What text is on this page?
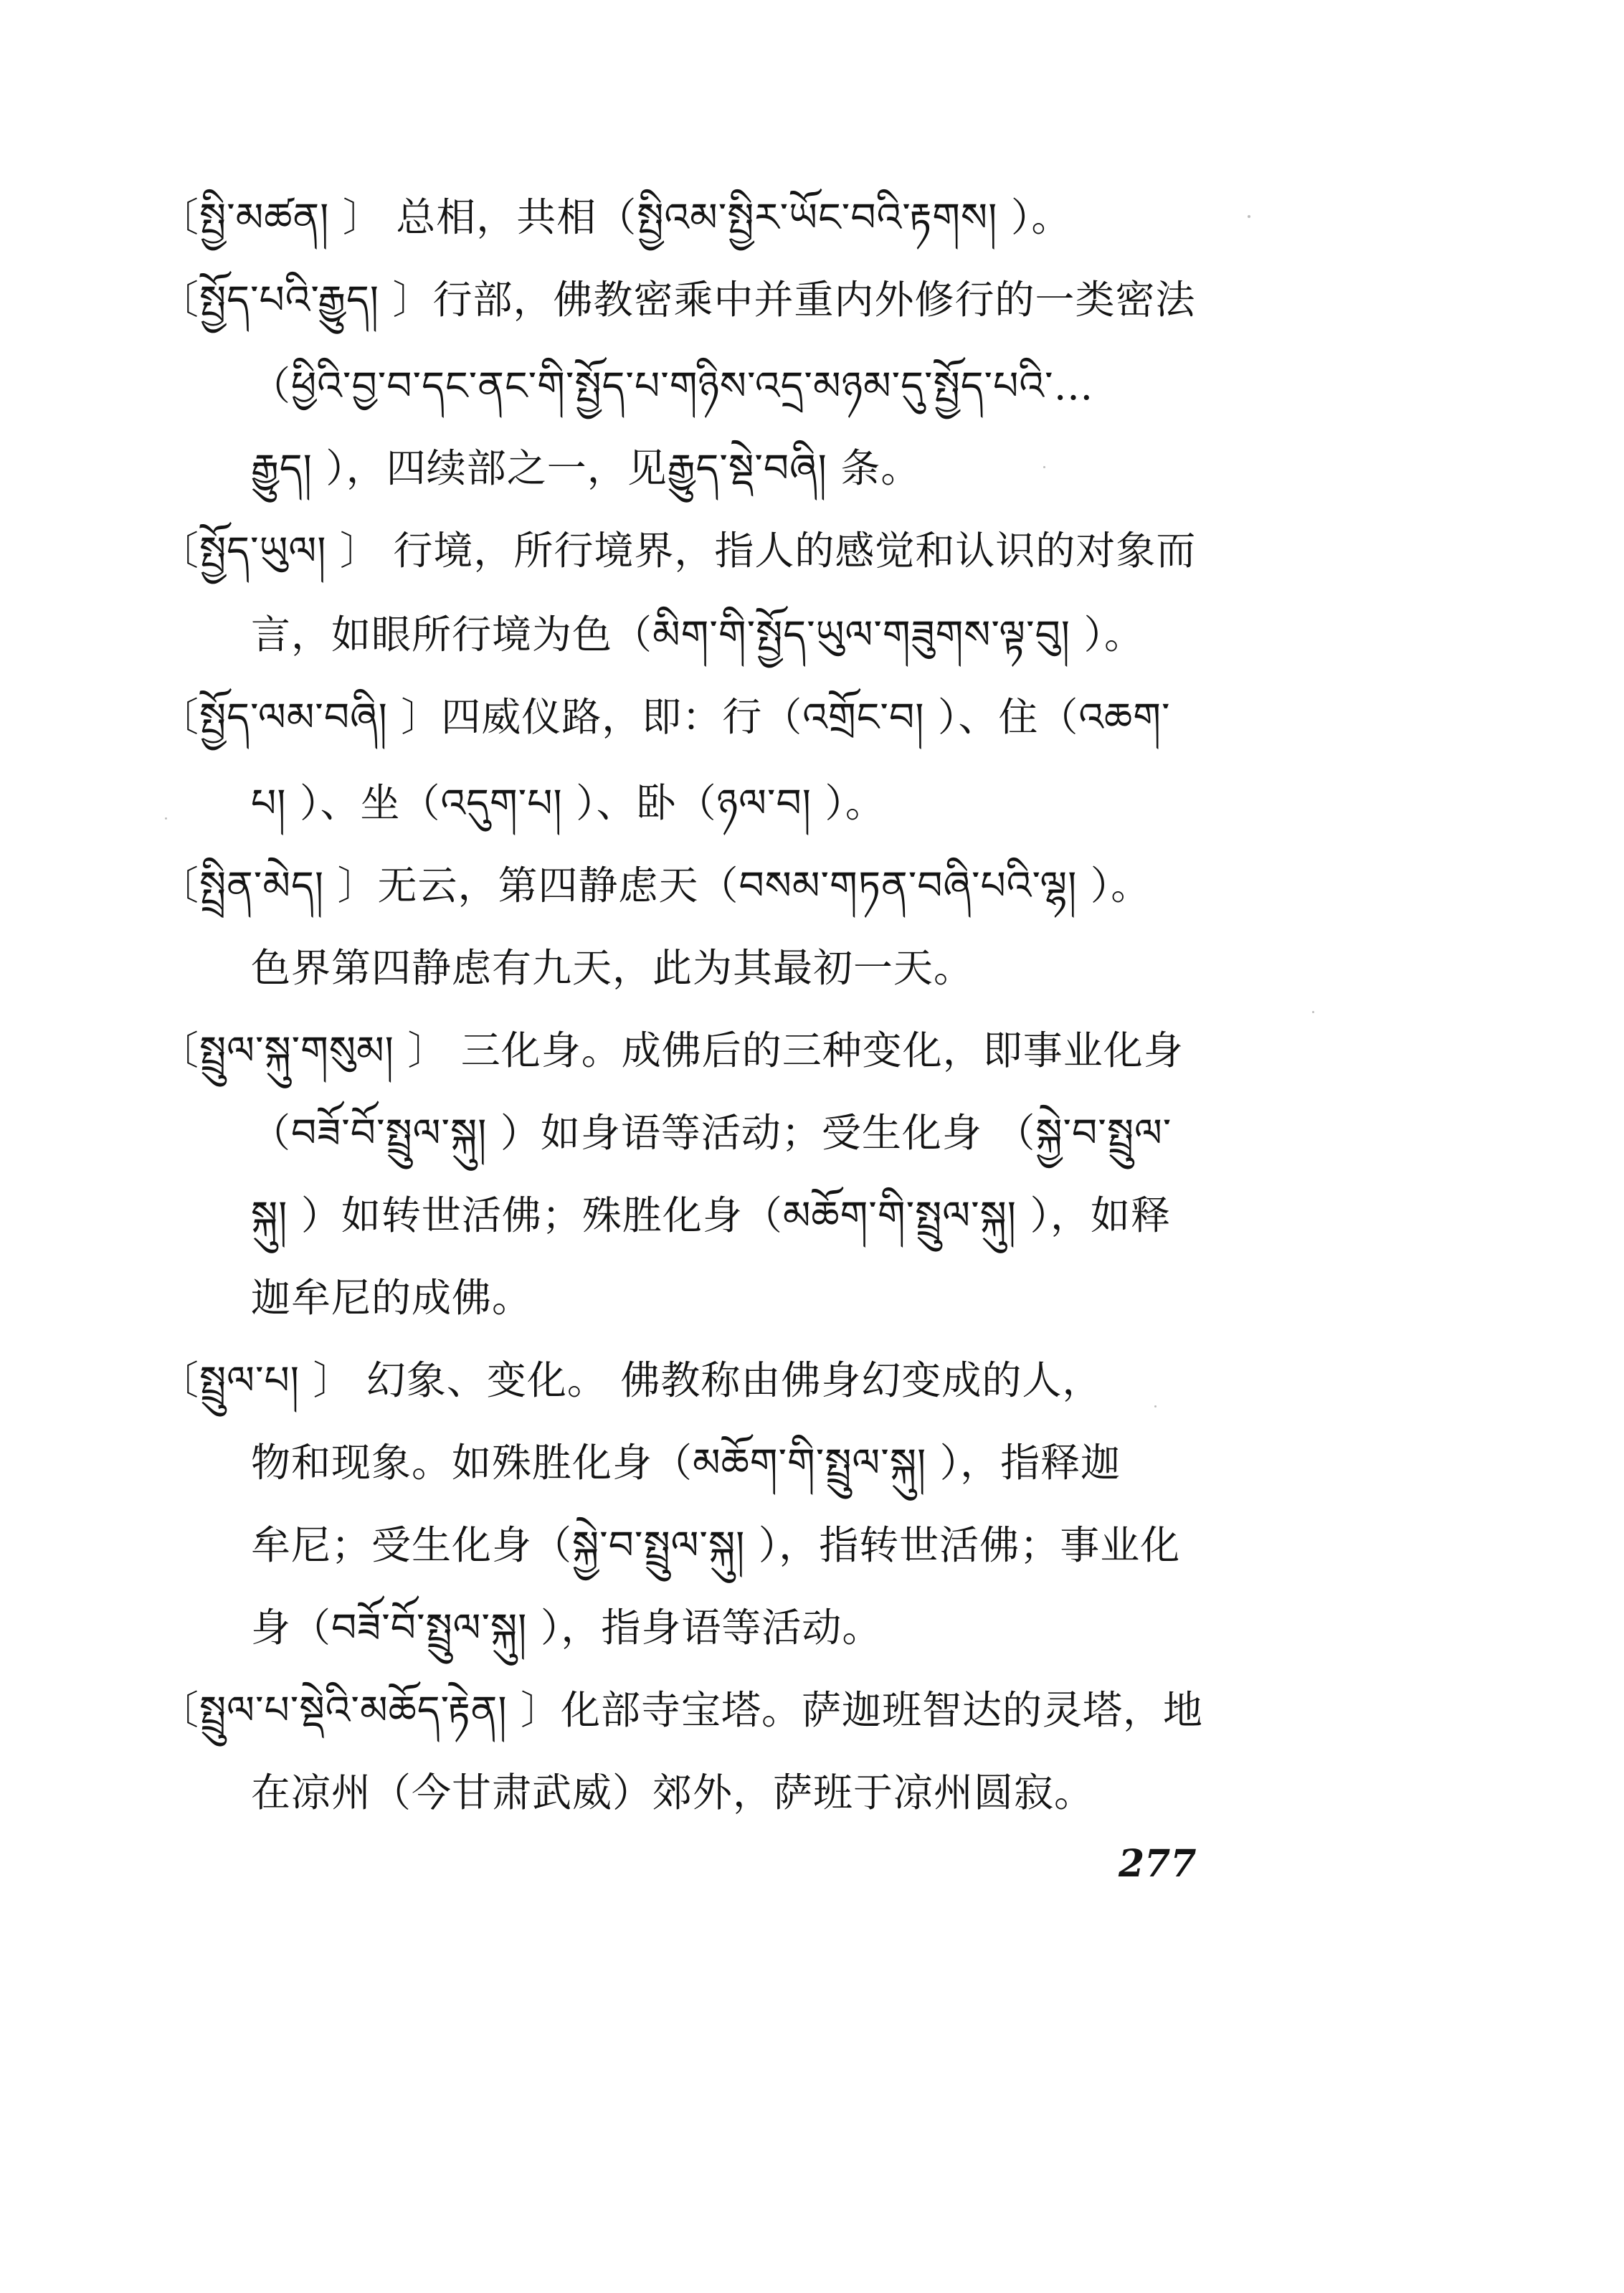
〔སྤྱི་མཚན། 〕 总相，共相（སྤྱིའམ་སྤྱིར་ཡོང་བའི་རྟགས། ）。
〔སྤྱོད་པའི་རྒྱུད། 〕行部，佛教密乘中并重内外修行的一类密法
（ཕྱིའི་བྱ་བ་དང་ནང་གི་སྤྱོད་པ་གཉིས་འདྲ་མཉམ་དུ་སྤྱོད་པའི་…
རྒྱུད། ），四续部之一，见རྒྱུད་སྡེ་བཞི། 条。
〔སྤྱོད་ཡུལ། 〕 行境，所行境界，指人的感觉和认识的对象而
言，如眼所行境为色（མིག་གི་སྤྱོད་ཡུལ་གཟུགས་ལྟ་བུ། ）。
〔སྤྱོད་ལམ་བཞི། 〕四威仪路，即：行（འགྲོང་བ། ）、住（འཆག་
པ། ）、坐（འདུག་པ། ）、卧（ཉལ་བ། ）。
〔སྤྲིན་མེད། 〕无云，第四静虑天（བསམ་གཏན་བཞི་པའི་ལྷ། ）。
色界第四静虑有九天，此为其最初一天。
〔སྤྲུལ་སྐུ་གསུམ། 〕 三化身。成佛后的三种变化，即事业化身
（བཟོ་བོ་སྤྲུལ་སྐུ། ）如身语等活动；受生化身 （སྐྱེ་བ་སྤྲུལ་
སྐུ། ）如转世活佛；殊胜化身（མཆོག་གི་སྤྲུལ་སྐུ། ），如释
迦牟尼的成佛。
〔སྤྲུལ་པ། 〕 幻象、变化。 佛教称由佛身幻变成的人，
物和现象。如殊胜化身（མཆོག་གི་སྤྲུལ་སྐུ། ），指释迦
牟尼；受生化身（སྐྱེ་བ་སྤྲུལ་སྐུ། ），指转世活佛；事业化
身（བཟོ་བོ་སྤྲུལ་སྐུ། ），指身语等活动。
〔སྤྲུལ་པ་སྡེའི་མཆོད་རྟེན། 〕化部寺宝塔。萨迦班智达的灵塔，地
在凉州（今甘肃武威）郊外，萨班于凉州圆寂。
277
